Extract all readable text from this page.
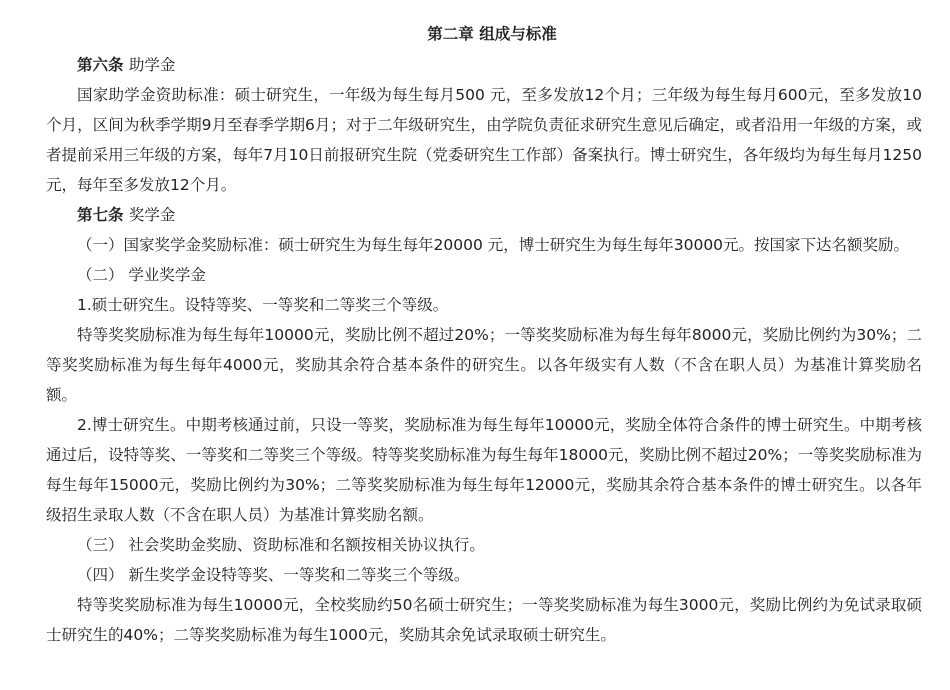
第二章 组成与标准
第六条 助学金
国家助学金资助标准：硕士研究生，一年级为每生每月500 元，至多发放12个月；三年级为每生每月600元，至多发放10 个月，区间为秋季学期9月至春季学期6月；对于二年级研究生，由学院负责征求研究生意见后确定，或者沿用一年级的方案，或者提前采用三年级的方案，每年7月10日前报研究生院（党委研究生工作部）备案执行。博士研究生，各年级均为每生每月1250 元，每年至多发放12个月。
第七条 奖学金
（一）国家奖学金奖励标准：硕士研究生为每生每年20000 元，博士研究生为每生每年30000元。按国家下达名额奖励。
（二） 学业奖学金
1.硕士研究生。设特等奖、一等奖和二等奖三个等级。
特等奖奖励标准为每生每年10000元，奖励比例不超过20%；一等奖奖励标准为每生每年8000元，奖励比例约为30%；二等奖奖励标准为每生每年4000元，奖励其余符合基本条件的研究生。以各年级实有人数（不含在职人员）为基准计算奖励名额。
2.博士研究生。中期考核通过前，只设一等奖，奖励标准为每生每年10000元，奖励全体符合条件的博士研究生。中期考核通过后，设特等奖、一等奖和二等奖三个等级。特等奖奖励标准为每生每年18000元，奖励比例不超过20%；一等奖奖励标准为每生每年15000元，奖励比例约为30%；二等奖奖励标准为每生每年12000元，奖励其余符合基本条件的博士研究生。以各年级招生录取人数（不含在职人员）为基准计算奖励名额。
（三） 社会奖助金奖励、资助标准和名额按相关协议执行。
（四） 新生奖学金设特等奖、一等奖和二等奖三个等级。
特等奖奖励标准为每生10000元，全校奖励约50名硕士研究生；一等奖奖励标准为每生3000元，奖励比例约为免试录取硕士研究生的40%；二等奖奖励标准为每生1000元，奖励其余免试录取硕士研究生。
